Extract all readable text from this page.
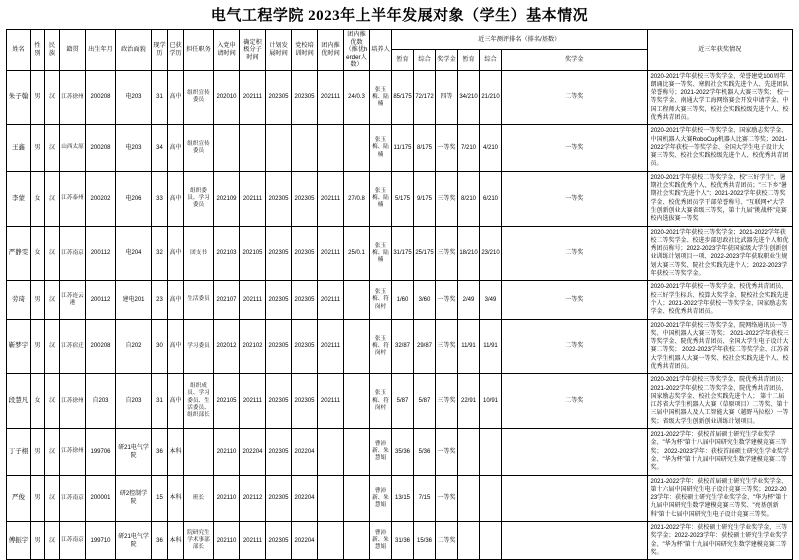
电气工程学院 2023年上半年发展对象（学生）基本情况
姓名	性别	民族	籍贯	出生年月	政治面貌	现学历	已获学历	担任职务	入党申请时间	确定积极分子时间	计划发展时间	党校培训时间	团内推优时间	团内推优数（推优herder人数）	培养人	近三年测评排名（排名/基数）						近三年获奖情况
																暂育	综合	奖学金	暂育	综合	奖学金	
朱子翰	男	汉	江苏徐州	200208	电203	31	高中	组织宣传委员	202010	202111	202305	202305	202111	24/0.3	张玉梅、陆楠	85/175	72/172	四等	34/210	21/210	二等奖	2020-2021学年获校三等奖学金、荣誉建党100周年朗诵比赛一等奖、寒假社会实践先进个人、先进团队荣誉称号；2021-2022学年机器人大赛三等奖； 校一等奖学金、南通大学工海网络赛会开发申请学金、中国工程师大赛三等奖，校社会实践校级先进个人、校优秀共青团员。
王鑫	男	汉	山西太原	200208	电203	34	高中	组织宣传委员							张玉梅、陆楠	11/175	8/175	一等奖	7/210	4/210	一等奖	2020-2021学年获校一等奖学金、国家励志奖学金、中国机器人大赛RoboCup机器人比赛二等奖；2021-2022学年获校一等奖学金、全国大学生电子设计大赛三等奖、校社会实践校级先进个人、校优秀共青团员。
李蒙	女	汉	江苏泰州	200202	电206	33	高中	组织委员、学习委员	202109	202111	202305	202305	202111	27/0.8	张玉梅、陆楠	5/175	9/175	三等奖	8/210	6/210	一等奖	2020-2021学年获校二等奖学金、校"三好学生"、暑期社会实践优秀个人、校优秀共青团员；"三下乡"暑期社会实践"先进个人"；2021-2022学年获校二等奖学金、校优秀团员学干部荣誉称号、"互联网+"大学生创新创业大赛省级三等奖，第十九届"挑战杯"竞赛校内选拔赛一等奖
严静雯	女	汉	江苏南京	200112	电204	32	高中	团支书	202103	202105	202305	202305	202111	25/0.1	张玉梅、陆楠	31/175	25/175	三等奖	18/210	23/210	二等奖	2020-2021学年获校三等奖学金；2021-2022学年获校二等奖学金、校进步部思政社比武器先进个人和优秀团员称号；2022-2023学年获国家级大学生创新创业训练计划项目一项、2022-2023学年获取职业生规划大赛三等奖、院社会实践先进个人；2022-2023学年获校三等奖学金。
劳琦	男	汉	江苏连云港	200112	建电201	23	高中	生活委员	202107	202111	202305	202305	202111		张玉梅、符岗村	1/60	3/60	一等奖	2/49	3/49	一等奖	2020-2021学年获校一等奖学金、校优秀共青团员、校三好学生标兵、校算大奖学金、院校社会实践先进个人；2021-2022学年获校一等奖学金、国家励志奖学金、校优秀共青团员。
靳梦宇	男	汉	江苏宿迁	200208	自202	30	高中	学习委员	202012	202102	202305	202305	202111		张玉梅、符岗村	32/87	29/87	三等奖	11/91	11/91	二等奖	2020-2021学年获校三等奖学金、院网络通讯员一等奖、中国机器人大赛三等奖； 2021-2022学年获校三等奖学金、院优秀共青团员、全国大学生电子设计大赛二等奖； 2022-2023学年获校二等奖学金、江苏省大学生机器人大赛一等奖、校社会实践先进个人、校优秀共青团员。
段慧凡	女	汉	江苏徐州	自203	自203	31	高中	组织成员、学习委员、生活委员、组织部长	202105	202111	202305	202305	202111		张玉梅、符岗村	5/87	5/87	三等奖	22/91	10/91	二等奖	2020-2021学年获校三等奖学金、院优秀共青团员；2021-2022学年获校二等奖学金、院优秀共青团员、国家励志奖学金、校社会实践先进个人； 第十二届江苏省大学生机器人大赛（草原项目）二等奖、第十三届中国机器人及人工智能大赛（越野马拉松）一等奖；省级大学生创新创业训练计划项目。
丁子栩	男	汉	江苏徐州	199706	研21电气学院	36	本科		202110	202204	202305	202204			曹沛新、朱慧娟	35/36	5/36	一等奖				2021-2022学年：获校首届硕士研究生学业奖学金、"华为杯"第十八届中国研究生数学建模竞赛三等奖； 2022-2023学年：获校首届硕士研究生学业奖学金、"华为杯"第十九届中国研究生数学建模竞赛二等奖。
严俊	男	汉	江苏南京	200001	研2控制学院	15	本科	班长	202110	202112	202305	202204			曹沛新、朱慧娟	13/15	7/15	一等奖				2021-2022学年：获校首届硕士研究生学业奖学金、第十六届中国研究生电子设计竞赛三等奖；2022-2023学年：获校硕士研究生学业奖学金、"华为杯"第十九届中国研究生数学建模竞赛三等奖、"亮基创新科"第十七届中国研究生电子设计竞赛三等奖。
傅振宇	男	汉	江苏南京	199710	研21电气学院	36	本科	院研究生学术事部部长	202110	202111	202305	202204			曹沛新、朱慧娟	31/36	15/36	二等奖				2021-2022学年：获校硕士研究生学业奖学金、三等奖学金；2022-2023学年：获校硕士研究生学业奖学金、"华为杯"第十九届中国研究生数学建模竞赛二等奖。
